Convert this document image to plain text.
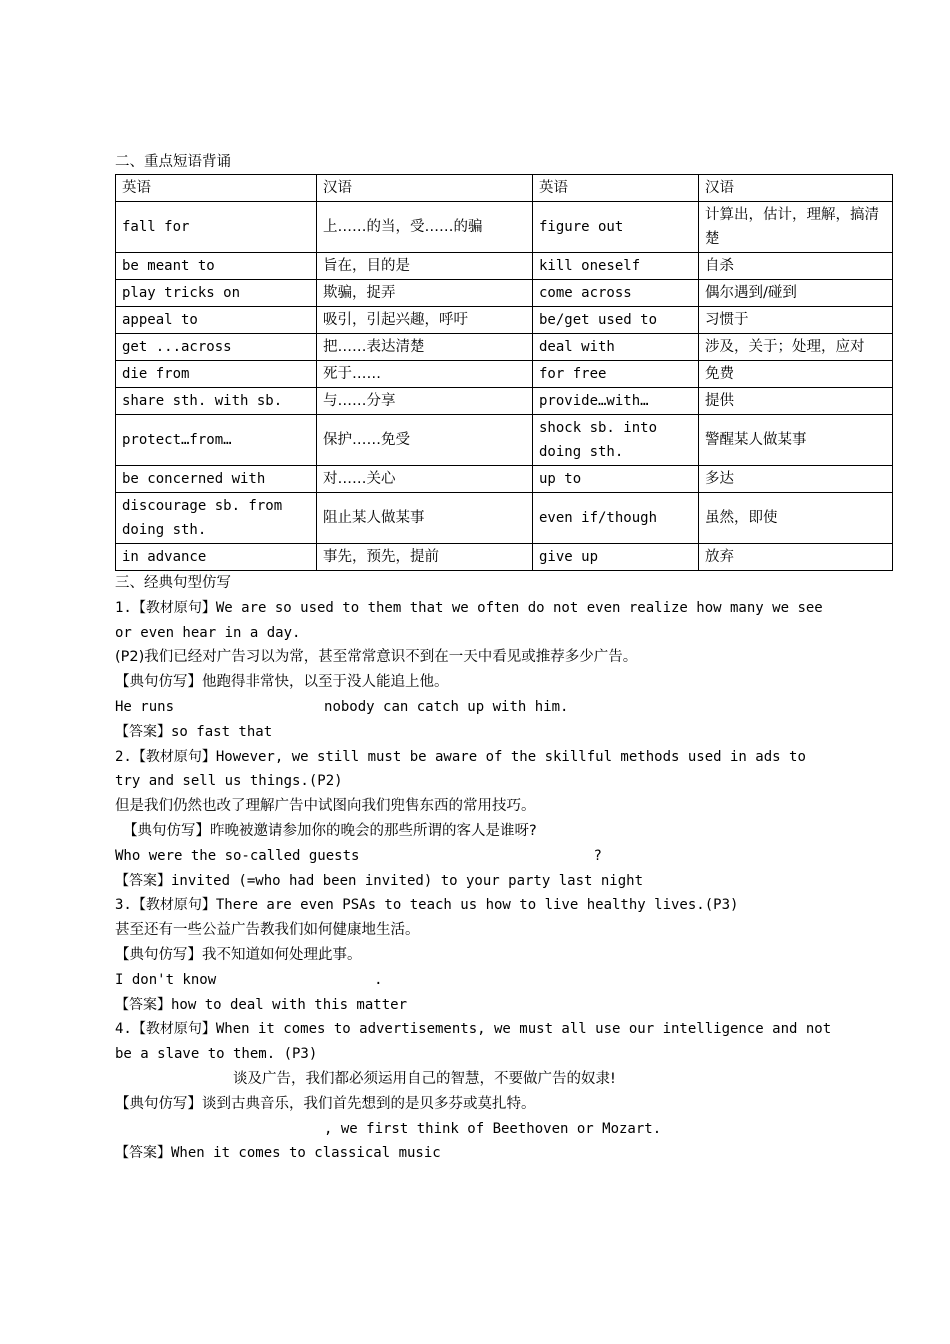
二、重点短语背诵
英语	汉语	英语	汉语
fall for	上……的当，受……的骗	figure out	计算出，估计，理解，搞清楚
be meant to	旨在，目的是	kill oneself	自杀
play tricks on	欺骗，捉弄	come across	偶尔遇到/碰到
appeal to	吸引，引起兴趣，呼吁	be/get used to	习惯于
get ...across	把……表达清楚	deal with	涉及，关于；处理，应对
die from	死于……	for free	免费
share sth. with sb.	与……分享	provide…with…	提供
protect…from…	保护……免受	shock sb. into doing sth.	警醒某人做某事
be concerned with	对……关心	up to	多达
discourage sb. from doing sth.	阻止某人做某事	even if/though	虽然，即使
in advance	事先，预先，提前	give up	放弃
三、经典句型仿写
1.【教材原句】We are so used to them that we often do not even realize how many we see
or even hear in a day.
(P2)我们已经对广告习以为常，甚至常常意识不到在一天中看见或推荐多少广告。
【典句仿写】他跑得非常快，以至于没人能追上他。
He runs	nobody can catch up with him.
【答案】so fast that
2.【教材原句】However, we still must be aware of the skillful methods used in ads to
try and sell us things.(P2)
但是我们仍然也改了理解广告中试图向我们兜售东西的常用技巧。
【典句仿写】昨晚被邀请参加你的晚会的那些所谓的客人是谁呀?
Who were the so-called guests	?
【答案】invited (=who had been invited) to your party last night
3.【教材原句】There are even PSAs to teach us how to live healthy lives.(P3)
甚至还有一些公益广告教我们如何健康地生活。
【典句仿写】我不知道如何处理此事。
I don't know	.
【答案】how to deal with this matter
4.【教材原句】When it comes to advertisements, we must all use our intelligence and not
be a slave to them. (P3)
谈及广告，我们都必须运用自己的智慧，不要做广告的奴隶!
【典句仿写】谈到古典音乐，我们首先想到的是贝多芬或莫扎特。
, we first think of Beethoven or Mozart.
【答案】When it comes to classical music
